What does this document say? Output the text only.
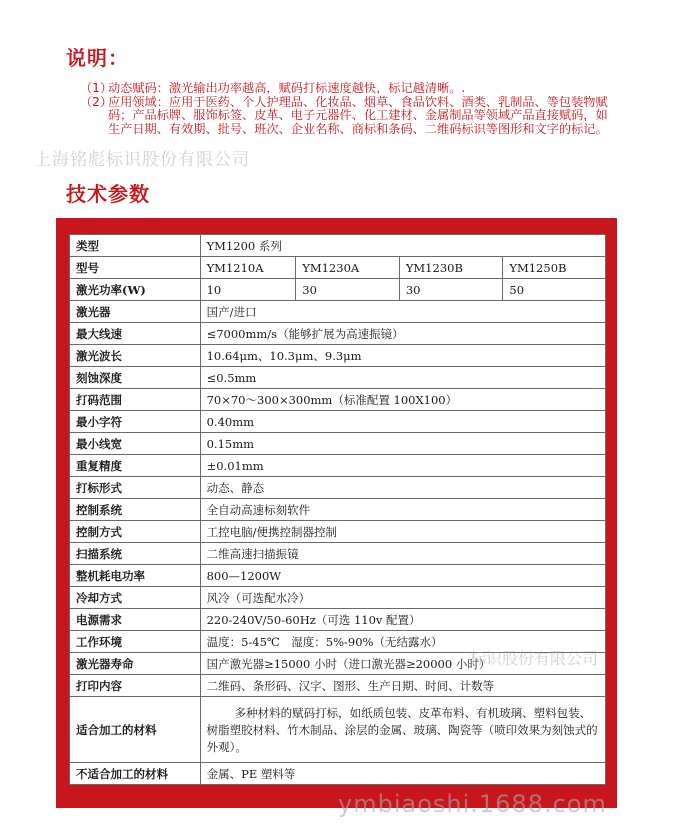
说明：
（1）
动态赋码：激光输出功率越高，赋码打标速度越快，标记越清晰。.
（2）
应用领域：应用于医药、个人护理品、化妆品、烟草、食品饮料、酒类、乳制品、等包装物赋码；产品标牌、服饰标签、皮革、电子元器件、化工建材、金属制品等领域产品直接赋码，如生产日期、有效期、批号、班次、企业名称、商标和条码、二维码标识等图形和文字的标记。
上海铭彪标识股份有限公司
技术参数
类型	YM1200 系列			
型号	YM1210A	YM1230A	YM1230B	YM1250B
激光功率(W)	10	30	30	50
激光器	国产/进口			
最大线速	≤7000mm/s（能够扩展为高速振镜）			
激光波长	10.64μm、10.3μm、9.3μm			
刻蚀深度	≤0.5mm			
打码范围	70×70～300×300mm（标准配置 100X100）			
最小字符	0.40mm			
最小线宽	0.15mm			
重复精度	±0.01mm			
打标形式	动态、静态			
控制系统	全自动高速标刻软件			
控制方式	工控电脑/便携控制器控制			
扫描系统	二维高速扫描振镜			
整机耗电功率	800—1200W			
冷却方式	风冷（可选配水冷）			
电源需求	220-240V/50-60Hz（可选 110v 配置）			
工作环境	温度：5-45℃　湿度：5%-90%（无结露水）			
激光器寿命	国产激光器≥15000 小时（进口激光器≥20000 小时）			
打印内容	二维码、条形码、汉字、图形、生产日期、时间、计数等			
适合加工的材料	多种材料的赋码打标，如纸质包装、皮革布料、有机玻璃、塑料包装、树脂塑胶材料、竹木制品、涂层的金属、玻璃、陶瓷等（喷印效果为刻蚀式的外观）。			
不适合加工的材料	金属、PE 塑料等			
标识股份有限公司
ymbiaoshi.1688.com
